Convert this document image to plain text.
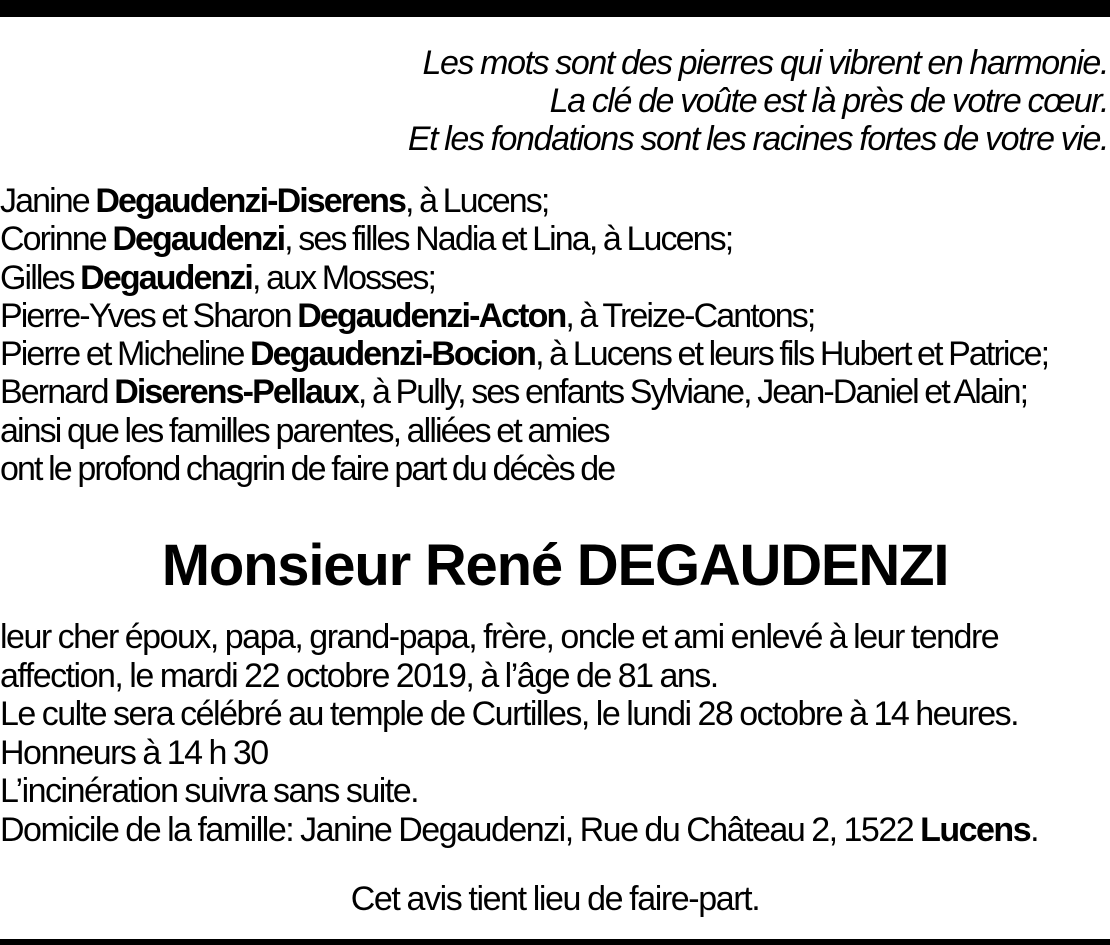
Les mots sont des pierres qui vibrent en harmonie.
La clé de voûte est là près de votre cœur.
Et les fondations sont les racines fortes de votre vie.
Janine Degaudenzi-Diserens, à Lucens;
Corinne Degaudenzi, ses filles Nadia et Lina, à Lucens;
Gilles Degaudenzi, aux Mosses;
Pierre-Yves et Sharon Degaudenzi-Acton, à Treize-Cantons;
Pierre et Micheline Degaudenzi-Bocion, à Lucens et leurs fils Hubert et Patrice;
Bernard Diserens-Pellaux, à Pully, ses enfants Sylviane, Jean-Daniel et Alain;
ainsi que les familles parentes, alliées et amies
ont le profond chagrin de faire part du décès de
Monsieur René DEGAUDENZI
leur cher époux, papa, grand-papa, frère, oncle et ami enlevé à leur tendre
affection, le mardi 22 octobre 2019, à l’âge de 81 ans.
Le culte sera célébré au temple de Curtilles, le lundi 28 octobre à 14 heures.
Honneurs à 14 h 30
L’incinération suivra sans suite.
Domicile de la famille: Janine Degaudenzi, Rue du Château 2, 1522 Lucens.
Cet avis tient lieu de faire-part.
